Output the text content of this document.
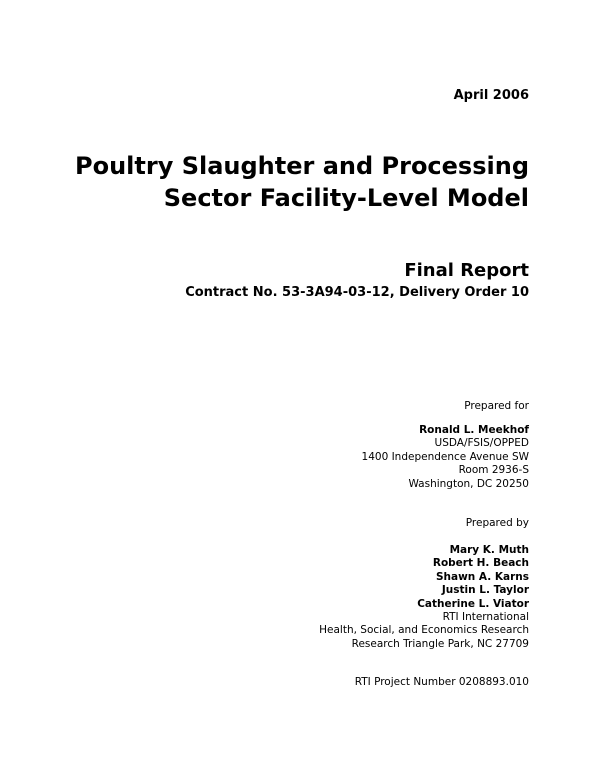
April 2006
Poultry Slaughter and Processing
Sector Facility-Level Model
Final Report
Contract No. 53-3A94-03-12, Delivery Order 10
Prepared for
Ronald L. Meekhof
USDA/FSIS/OPPED
1400 Independence Avenue SW
Room 2936-S
Washington, DC 20250
Prepared by
Mary K. Muth
Robert H. Beach
Shawn A. Karns
Justin L. Taylor
Catherine L. Viator
RTI International
Health, Social, and Economics Research
Research Triangle Park, NC 27709
RTI Project Number 0208893.010
